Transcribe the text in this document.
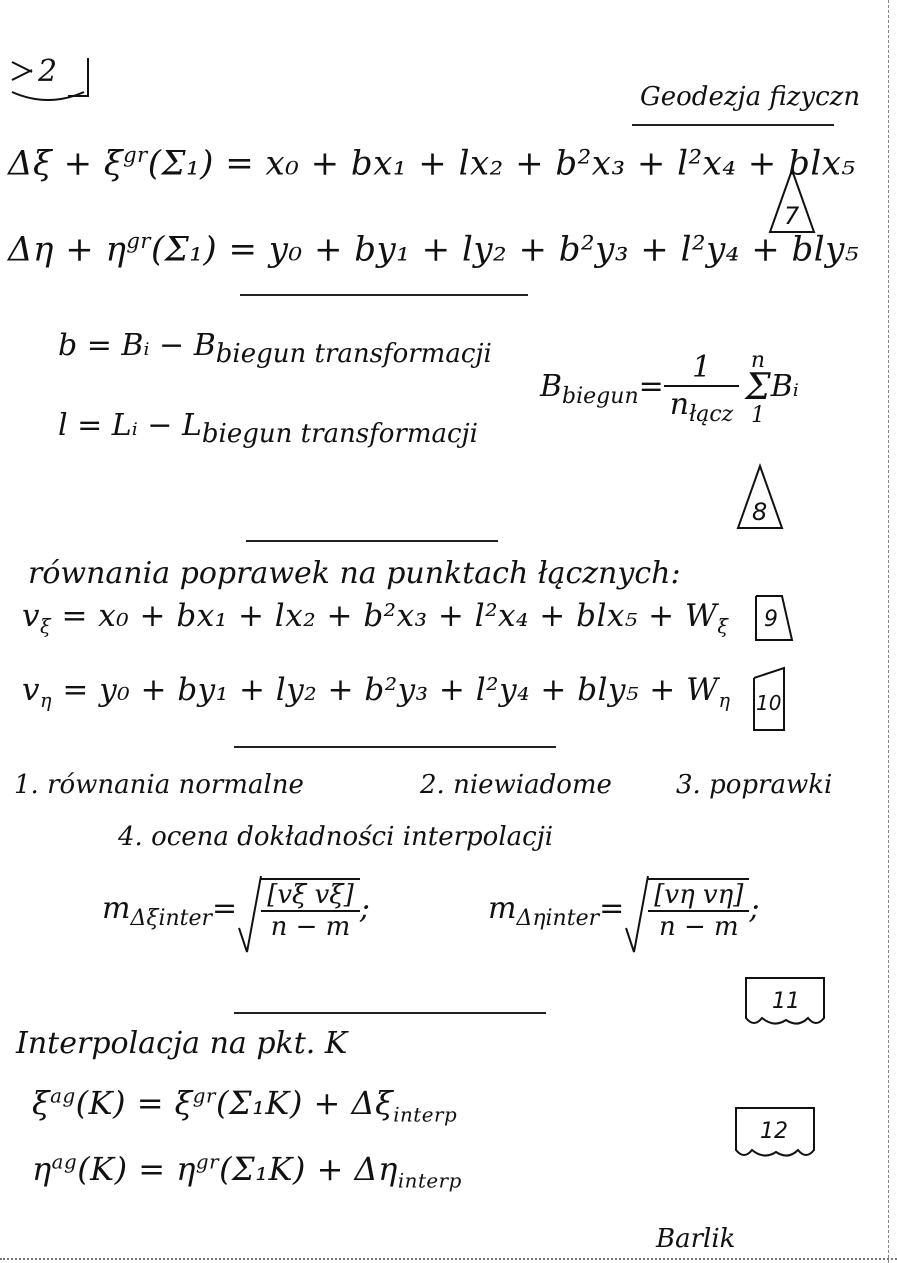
2
Geodezja fizyczn
$\Delta\xi + \xi^{gr}(\Sigma_1) = x_0 + bx_1 + lx_2 + b^2x_3 + l^2x_4 + blx_5$
$\Delta\eta + \eta^{gr}(\Sigma_1) = y_0 + by_1 + ly_2 + b^2y_3 + l^2y_4 + bly_5$
7
b = Bᵢ − $B_{biegun transformacji}$
l = Lᵢ − $L_{biegun transformacji}$
$B_{biegun}= \frac{1}{n_{łącz}}$ n
Σ
1
Bᵢ
8
równania poprawek na punktach łącznych:
$v_\xi = x_0 + bx_1 + lx_2 + b^2x_3 + l^2x_4 + blx_5 + W_\xi$ 9
$v_\eta = y_0 + by_1 + ly_2 + b^2y_3 + l^2y_4 + bly_5 + W_\eta$ 10
1. równania normalne	2. niewiadome 3. poprawki
4. ocena dokładności interpolacji
$m_{\Delta\xi inter}= \frac{\text{[vξ vξ]}}{n - m}$ ;	$m_{\Delta\eta inter}= \frac{\text{[vη vη]}}{n - m}$ ;
11
Interpolacja na pkt. K
$\xi^{ag}(K) = \xi^{gr}(\Sigma_1K) + \Delta\xi_{interp}$
12
$\eta^{ag}(K) = \eta^{gr}(\Sigma_1K) + \Delta\eta_{interp}$
Barlik
